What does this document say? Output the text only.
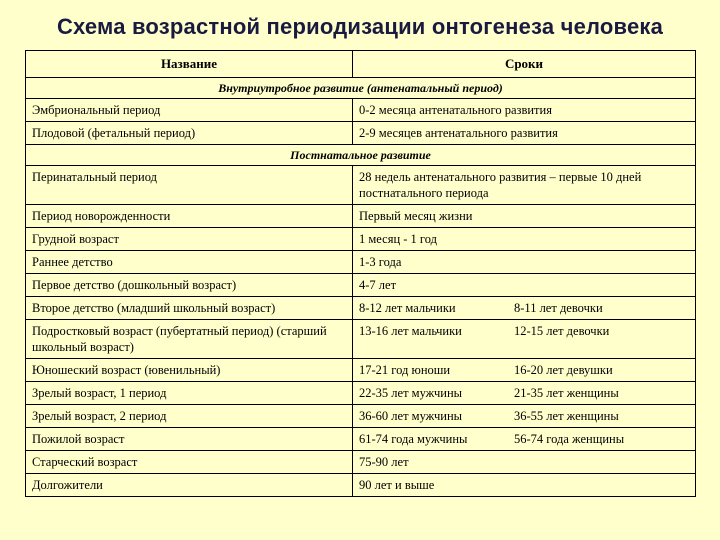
Схема возрастной периодизации онтогенеза человека
Название	Сроки
Внутриутробное развитие (антенатальный период)	
Эмбриональный период	0-2 месяца антенатального развития

Плодовой (фетальный период)	2-9 месяцев антенатального развития

Постнатальное развитие	
Перинатальный период	28 недель антенатального развития – первые 10 дней постнатального периода

Период новорожденности	Первый месяц жизни

Грудной возраст	1 месяц - 1 год

Раннее детство	1-3 года

Первое детство (дошкольный возраст)	4-7 лет

Второе детство (младший школьный возраст)	8-12 лет мальчики 8-11 лет девочки

Подростковый возраст (пубертатный период) (старший школьный возраст)	13-16 лет мальчики 12-15 лет девочки

Юношеский возраст (ювенильный)	17-21 год юноши 16-20 лет девушки

Зрелый возраст, 1 период	22-35 лет мужчины 21-35 лет женщины

Зрелый возраст, 2 период	36-60 лет мужчины 36-55 лет женщины

Пожилой возраст	61-74 года мужчины 56-74 года женщины

Старческий возраст	75-90 лет

Долгожители	90 лет и выше
